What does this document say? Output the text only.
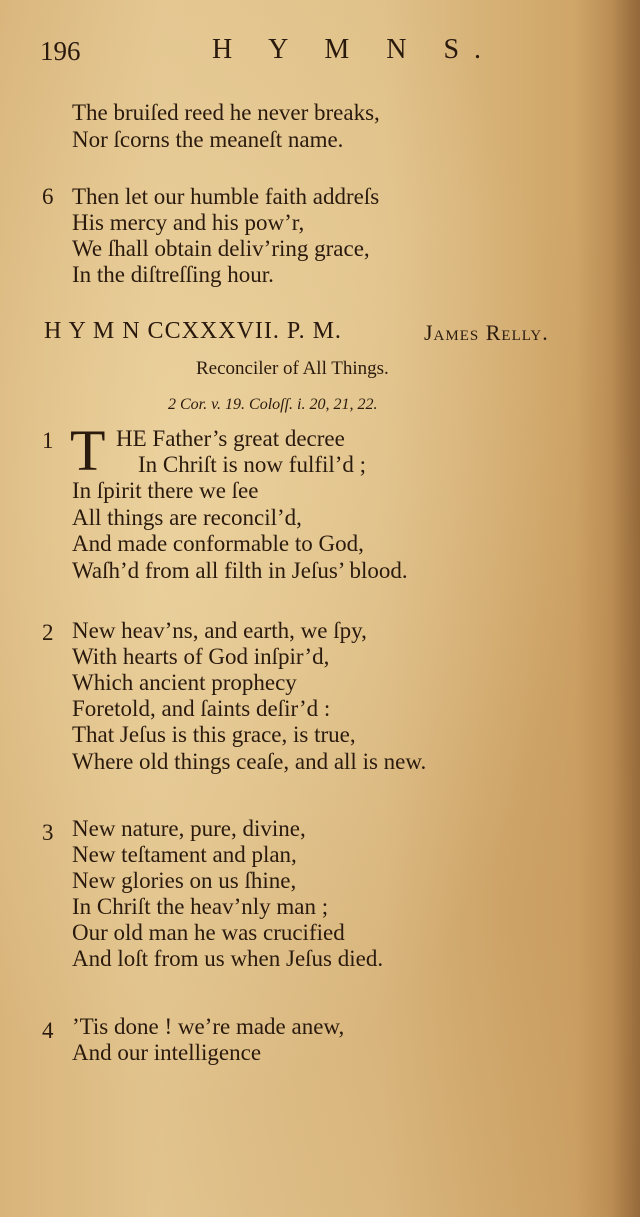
196	H Y M N S.
The bruiſed reed he never breaks,
Nor ſcorns the meaneſt name.
6 Then let our humble faith addreſs
His mercy and his pow’r,
We ſhall obtain deliv’ring grace,
In the diſtreſſing hour.
H Y M N CCXXXVII. P. M.	James Relly.
Reconciler of All Things.
2 Cor. v. 19. Coloſſ. i. 20, 21, 22.
1 T HE Father’s great decree
In Chriſt is now fulfil’d ;
In ſpirit there we ſee
All things are reconcil’d,
And made conformable to God,
Waſh’d from all filth in Jeſus’ blood.
2 New heav’ns, and earth, we ſpy,
With hearts of God inſpir’d,
Which ancient prophecy
Foretold, and ſaints deſir’d :
That Jeſus is this grace, is true,
Where old things ceaſe, and all is new.
3 New nature, pure, divine,
New teſtament and plan,
New glories on us ſhine,
In Chriſt the heav’nly man ;
Our old man he was crucified
And loſt from us when Jeſus died.
4 ’Tis done ! we’re made anew,
And our intelligence
